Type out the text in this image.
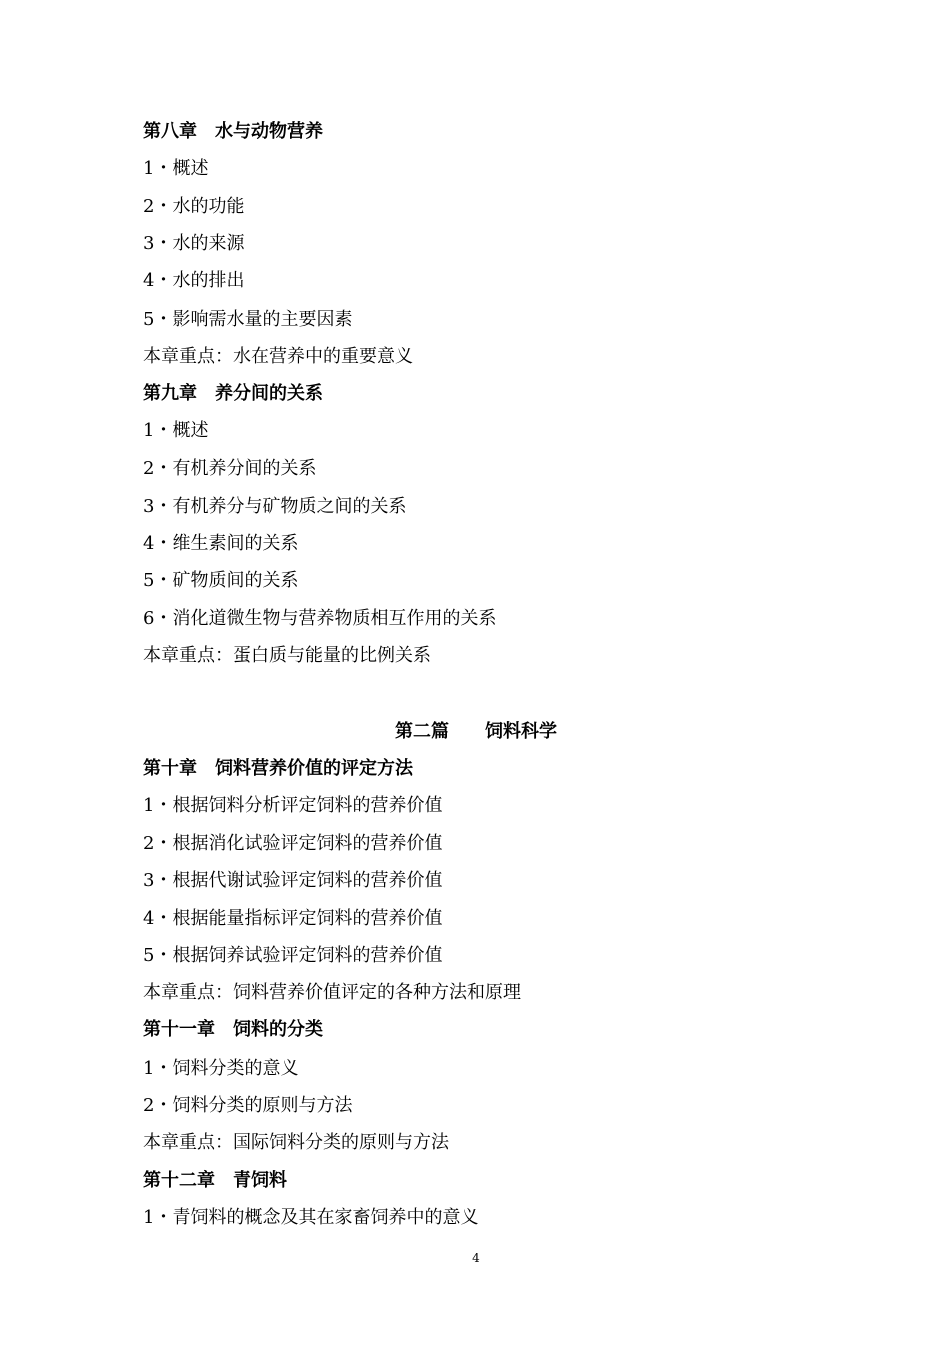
第八章　水与动物营养
1・概述
2・水的功能
3・水的来源
4・水的排出
5・影响需水量的主要因素
本章重点：水在营养中的重要意义
第九章　养分间的关系
1・概述
2・有机养分间的关系
3・有机养分与矿物质之间的关系
4・维生素间的关系
5・矿物质间的关系
6・消化道微生物与营养物质相互作用的关系
本章重点：蛋白质与能量的比例关系
第二篇　　饲料科学
第十章　饲料营养价值的评定方法
1・根据饲料分析评定饲料的营养价值
2・根据消化试验评定饲料的营养价值
3・根据代谢试验评定饲料的营养价值
4・根据能量指标评定饲料的营养价值
5・根据饲养试验评定饲料的营养价值
本章重点：饲料营养价值评定的各种方法和原理
第十一章　饲料的分类
1・饲料分类的意义
2・饲料分类的原则与方法
本章重点：国际饲料分类的原则与方法
第十二章　青饲料
1・青饲料的概念及其在家畜饲养中的意义
4
